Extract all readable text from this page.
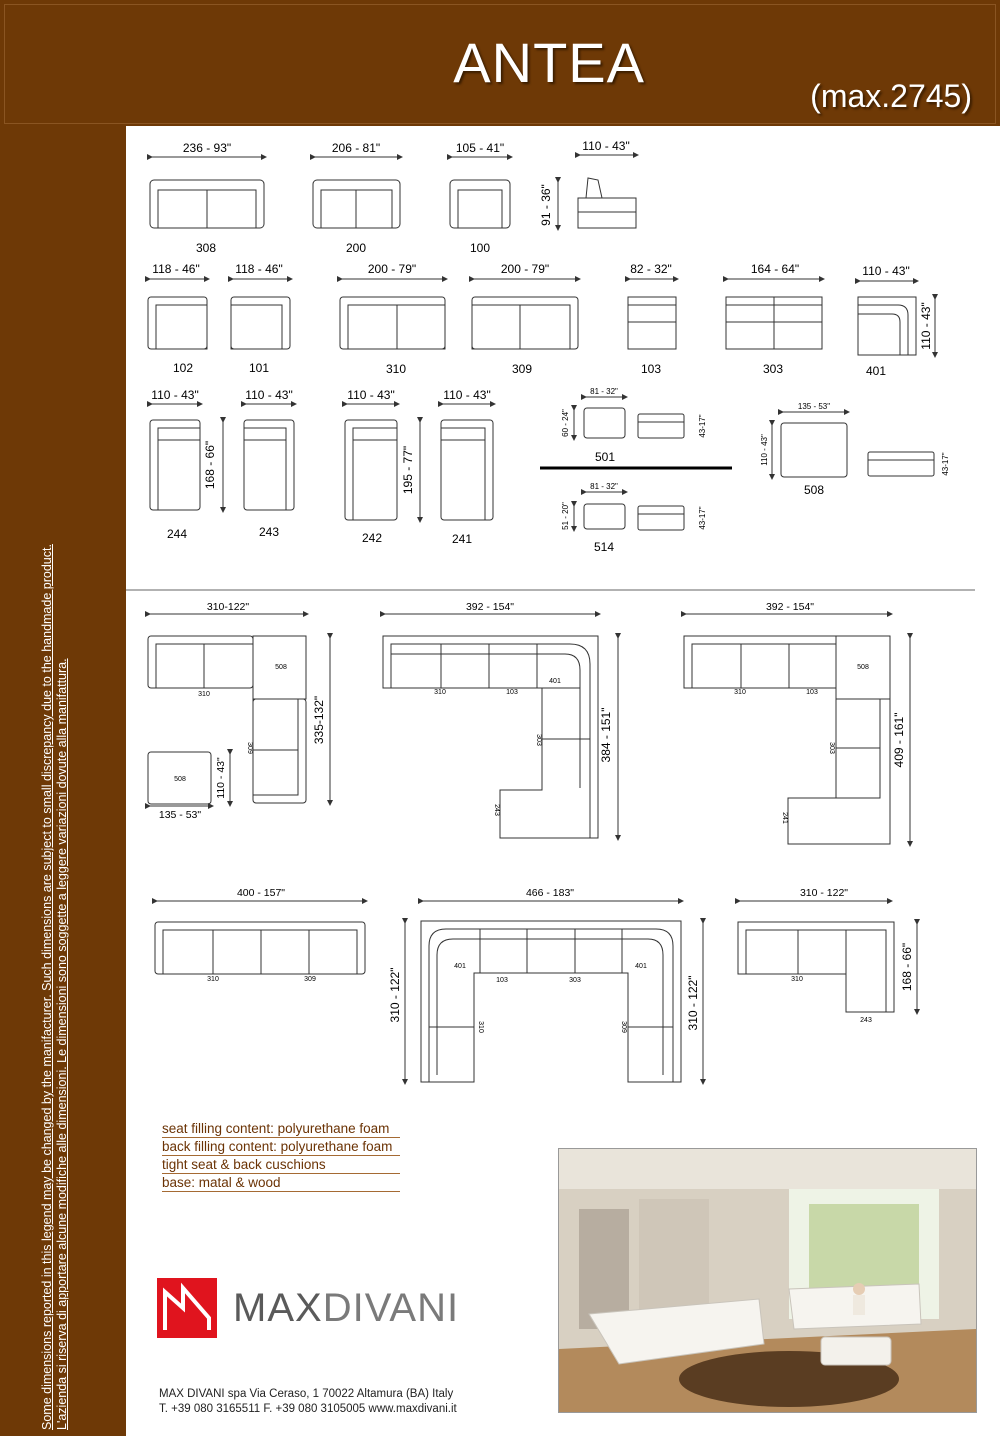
ANTEA
(max.2745)
Some dimensions reported in this legend may be changed by the manifacturer. Such dimensions are subject to small discrepancy due to the handmade product. L'azienda si riserva di apportare alcune modifiche alle dimensioni. Le dimensioni sono soggette a leggere variazioni dovute alla manifattura.
236 - 93"
308
206 - 81"
200
105 - 41"
100
110 - 43"
91 - 36"
118 - 46"
102
118 - 46"
101
200 - 79"
310
200 - 79"
309
82 - 32"
103
164 - 64"
303
110 - 43"
110 - 43"
401
110 - 43"
168 - 66"
244
110 - 43"
243
110 - 43"
195 - 77"
242
110 - 43"
241
81 - 32"
60 - 24"	43-17"
501
81 - 32"
51 - 20"	43-17"
514
135 - 53"
110 - 43"	43-17"
508
310-122"
335-132"
310
508
309
508
135 - 53"
110 - 43"
392 - 154"
384 - 151"
310	103
401
303
243
392 - 154"
409 - 161"
310	103
508
303
241
400 - 157"
310	309
466 - 183"
310 - 122"	310 - 122"
401
103	303
401
310	309
310 - 122"
168 - 66"
310
243
seat filling content: polyurethane foam
back filling content: polyurethane foam
tight seat & back cuschions
base: matal & wood
MAXDIVANI
MAX DIVANI spa Via Ceraso, 1 70022 Altamura (BA) Italy
T. +39 080 3165511 F. +39 080 3105005 www.maxdivani.it
